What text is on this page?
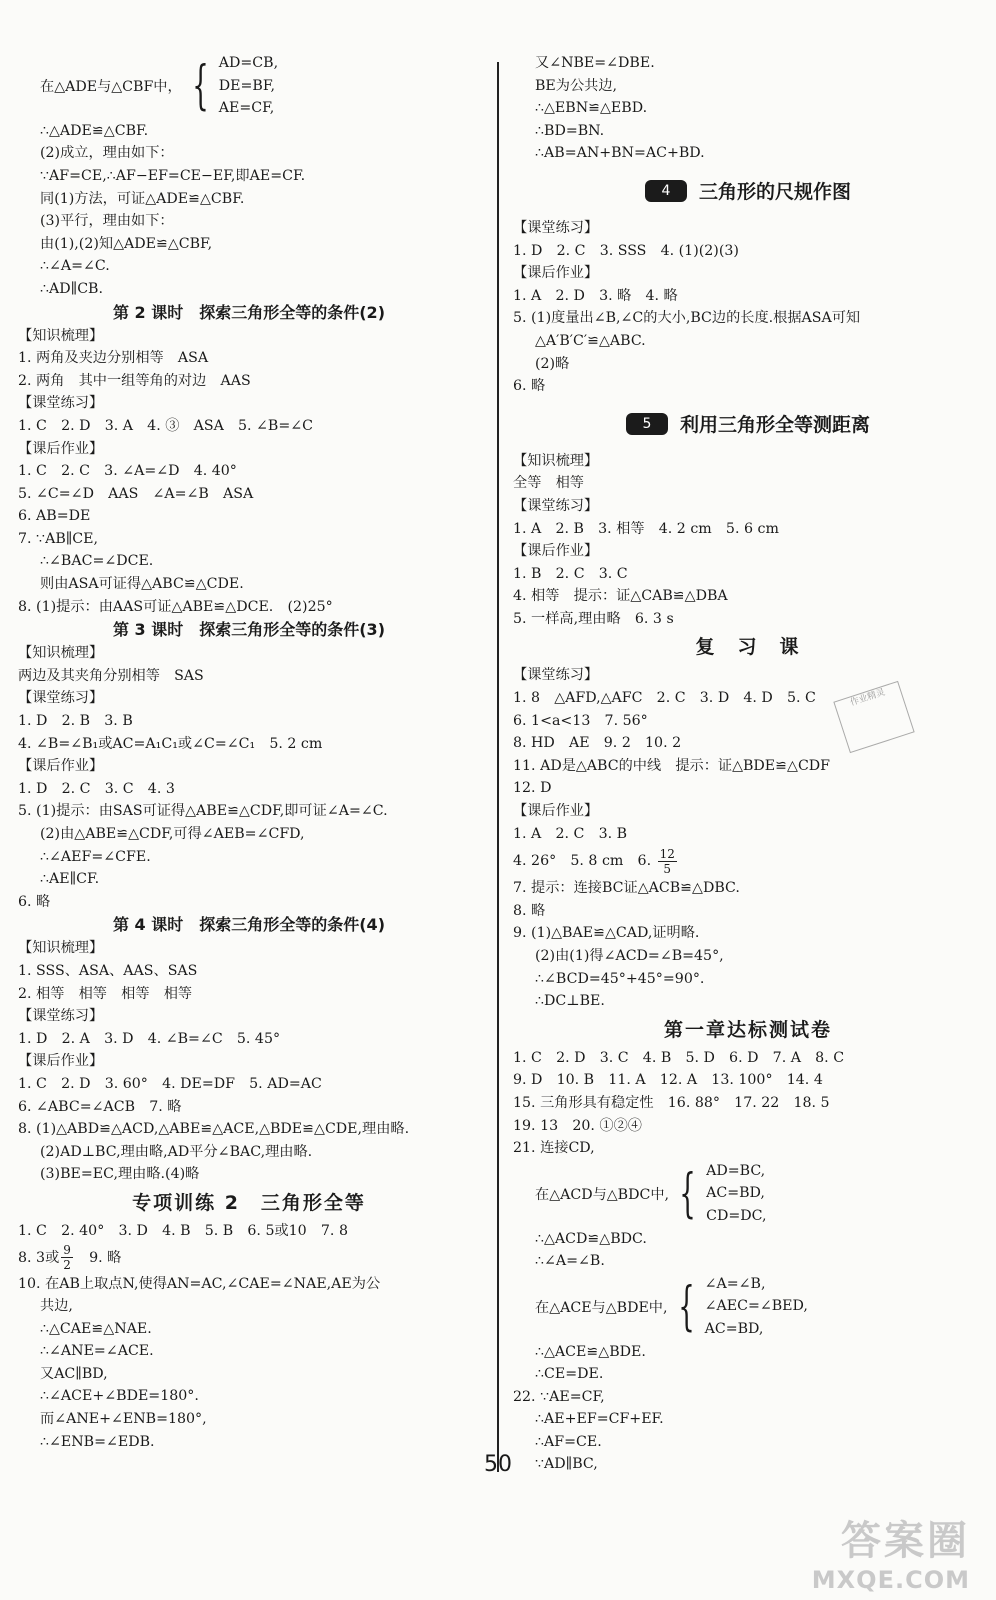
在△ADE与△CBF中， { AD=CB,
DE=BF,
AE=CF,
∴△ADE≌△CBF.
(2)成立，理由如下：
∵AF=CE,∴AF−EF=CE−EF,即AE=CF.
同(1)方法，可证△ADE≌△CBF.
(3)平行，理由如下：
由(1),(2)知△ADE≌△CBF,
∴∠A=∠C.
∴AD∥CB.
第 2 课时　探索三角形全等的条件(2)
【知识梳理】
1. 两角及夹边分别相等　ASA
2. 两角　其中一组等角的对边　AAS
【课堂练习】
1. C　2. D　3. A　4. ③　ASA　5. ∠B=∠C
【课后作业】
1. C　2. C　3. ∠A=∠D　4. 40°
5. ∠C=∠D　AAS　∠A=∠B　ASA
6. AB=DE
7. ∵AB∥CE,
∴∠BAC=∠DCE.
则由ASA可证得△ABC≌△CDE.
8. (1)提示：由AAS可证△ABE≌△DCE.　(2)25°
第 3 课时　探索三角形全等的条件(3)
【知识梳理】
两边及其夹角分别相等　SAS
【课堂练习】
1. D　2. B　3. B
4. ∠B=∠B₁或AC=A₁C₁或∠C=∠C₁　5. 2 cm
【课后作业】
1. D　2. C　3. C　4. 3
5. (1)提示：由SAS可证得△ABE≌△CDF,即可证∠A=∠C.
(2)由△ABE≌△CDF,可得∠AEB=∠CFD,
∴∠AEF=∠CFE.
∴AE∥CF.
6. 略
第 4 课时　探索三角形全等的条件(4)
【知识梳理】
1. SSS、ASA、AAS、SAS
2. 相等　相等　相等　相等
【课堂练习】
1. D　2. A　3. D　4. ∠B=∠C　5. 45°
【课后作业】
1. C　2. D　3. 60°　4. DE=DF　5. AD=AC
6. ∠ABC=∠ACB　7. 略
8. (1)△ABD≌△ACD,△ABE≌△ACE,△BDE≌△CDE,理由略.
(2)AD⊥BC,理由略,AD平分∠BAC,理由略.
(3)BE=EC,理由略.(4)略
专项训练 2　三角形全等
1. C　2. 40°　3. D　4. B　5. B　6. 5或10　7. 8
8. 3或 $\frac{9}{2}$ 　9. 略
10. 在AB上取点N,使得AN=AC,∠CAE=∠NAE,AE为公
共边,
∴△CAE≌△NAE.
∴∠ANE=∠ACE.
又AC∥BD,
∴∠ACE+∠BDE=180°.
而∠ANE+∠ENB=180°,
∴∠ENB=∠EDB.
又∠NBE=∠DBE.
BE为公共边,
∴△EBN≌△EBD.
∴BD=BN.
∴AB=AN+BN=AC+BD.
4	三角形的尺规作图
【课堂练习】
1. D　2. C　3. SSS　4. (1)(2)(3)
【课后作业】
1. A　2. D　3. 略　4. 略
5. (1)度量出∠B,∠C的大小,BC边的长度.根据ASA可知
△A′B′C′≌△ABC.
(2)略
6. 略
5	利用三角形全等测距离
【知识梳理】
全等　相等
【课堂练习】
1. A　2. B　3. 相等　4. 2 cm　5. 6 cm
【课后作业】
1. B　2. C　3. C
4. 相等　提示：证△CAB≌△DBA
5. 一样高,理由略　6. 3 s
复　习　课
【课堂练习】
1. 8　△AFD,△AFC　2. C　3. D　4. D　5. C
6. 1<a<13　7. 56°
8. HD　AE　9. 2　10. 2
11. AD是△ABC的中线　提示：证△BDE≌△CDF
12. D
【课后作业】
1. A　2. C　3. B
4. 26°　5. 8 cm　6. $\frac{12}{5}$
7. 提示：连接BC证△ACB≌△DBC.
8. 略
9. (1)△BAE≌△CAD,证明略.
(2)由(1)得∠ACD=∠B=45°,
∴∠BCD=45°+45°=90°.
∴DC⊥BE.
第一章达标测试卷
1. C　2. D　3. C　4. B　5. D　6. D　7. A　8. C
9. D　10. B　11. A　12. A　13. 100°　14. 4
15. 三角形具有稳定性　16. 88°　17. 22　18. 5
19. 13　20. ①②④
21. 连接CD,
在△ACD与△BDC中, { AD=BC,
AC=BD,
CD=DC,
∴△ACD≌△BDC.
∴∠A=∠B.
在△ACE与△BDE中, { ∠A=∠B,
∠AEC=∠BED,
AC=BD,
∴△ACE≌△BDE.
∴CE=DE.
22. ∵AE=CF,
∴AE+EF=CF+EF.
∴AF=CE.
∵AD∥BC,
作业精灵
50
答案圈
MXQE.COM
